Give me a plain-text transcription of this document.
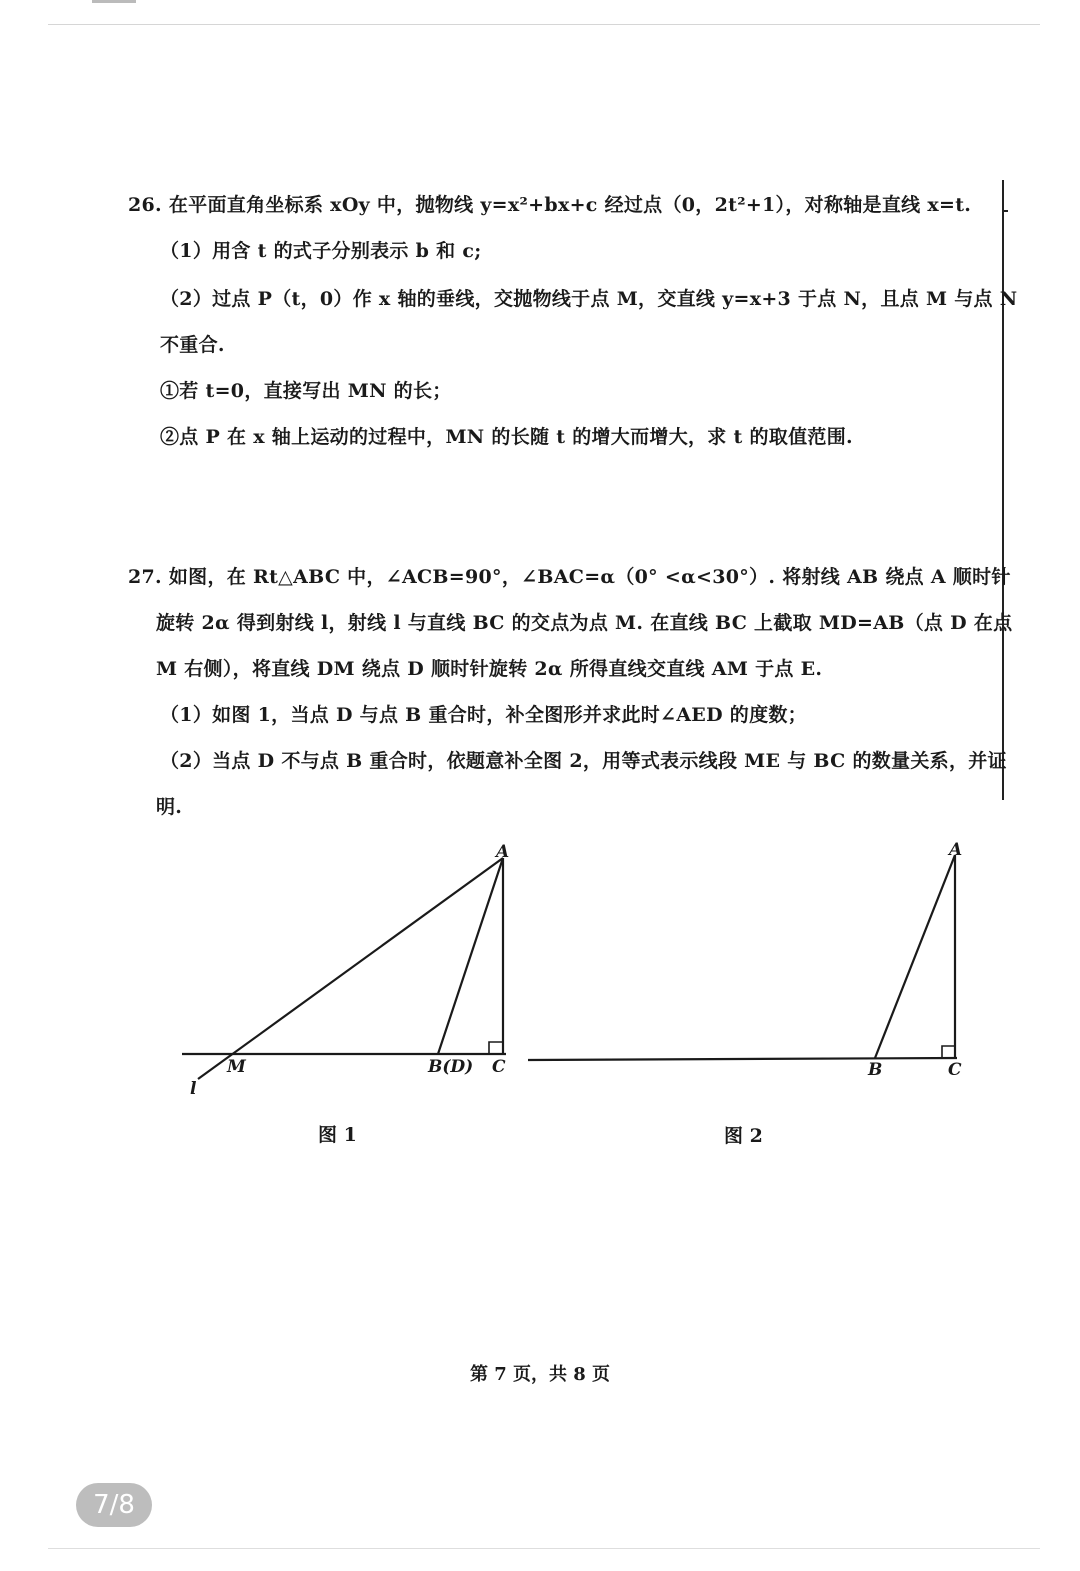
26. 在平面直角坐标系 xOy 中，抛物线 y=x²+bx+c 经过点（0，2t²+1），对称轴是直线 x=t.
（1）用含 t 的式子分别表示 b 和 c;
（2）过点 P（t，0）作 x 轴的垂线，交抛物线于点 M，交直线 y=x+3 于点 N，且点 M 与点 N
不重合.
①若 t=0，直接写出 MN 的长；
②点 P 在 x 轴上运动的过程中，MN 的长随 t 的增大而增大，求 t 的取值范围.
27. 如图，在 Rt△ABC 中，∠ACB=90°，∠BAC=α（0° <α<30°）. 将射线 AB 绕点 A 顺时针
旋转 2α 得到射线 l，射线 l 与直线 BC 的交点为点 M. 在直线 BC 上截取 MD=AB（点 D 在点
M 右侧），将直线 DM 绕点 D 顺时针旋转 2α 所得直线交直线 AM 于点 E.
（1）如图 1，当点 D 与点 B 重合时，补全图形并求此时∠AED 的度数；
（2）当点 D 不与点 B 重合时，依题意补全图 2，用等式表示线段 ME 与 BC 的数量关系，并证
明.
A
M	B(D) C
l
图 1
A
B	C
图 2
第 7 页，共 8 页
7/8
